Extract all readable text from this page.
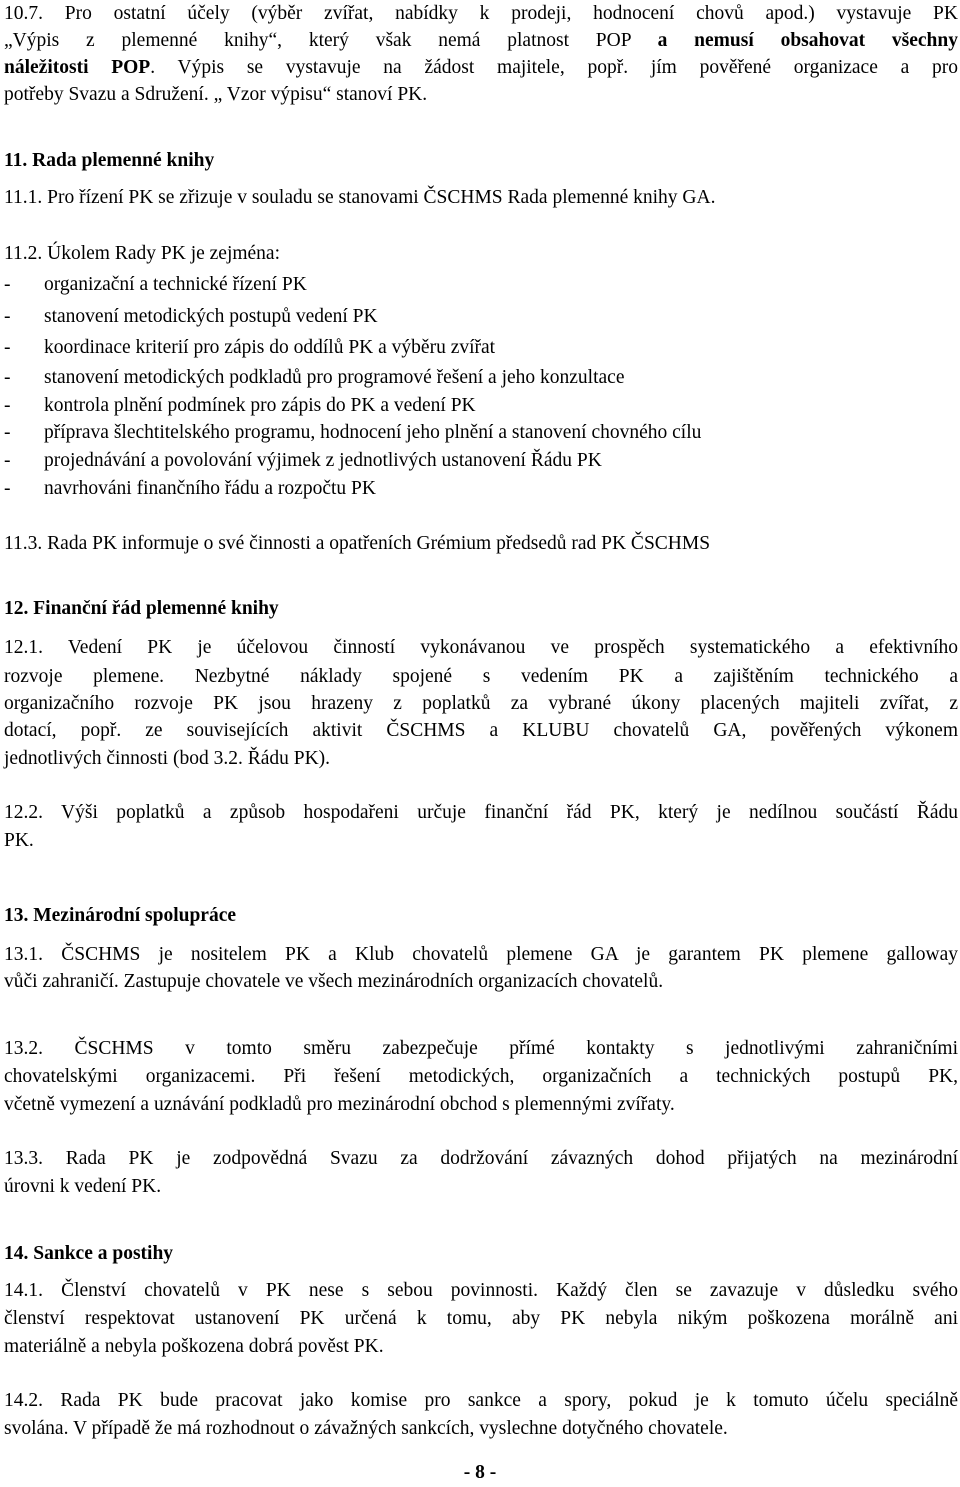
10.7. Pro ostatní účely (výběr zvířat, nabídky k prodeji, hodnocení chovů apod.) vystavuje PK
„Výpis z plemenné knihy“, který však nemá platnost POP a nemusí obsahovat všechny
náležitosti POP. Výpis se vystavuje na žádost majitele, popř. jím pověřené organizace a pro
potřeby Svazu a Sdružení. „ Vzor výpisu“ stanoví PK.
11. Rada plemenné knihy
11.1. Pro řízení PK se zřizuje v souladu se stanovami ČSCHMS Rada plemenné knihy GA.
11.2. Úkolem Rady PK je zejména:
- organizační a technické řízení PK
- stanovení metodických postupů vedení PK
- koordinace kriterií pro zápis do oddílů PK a výběru zvířat
- stanovení metodických podkladů pro programové řešení a jeho konzultace
- kontrola plnění podmínek pro zápis do PK a vedení PK
- příprava šlechtitelského programu, hodnocení jeho plnění a stanovení chovného cílu
- projednávání a povolování výjimek z jednotlivých ustanovení Řádu PK
- navrhováni finančního řádu a rozpočtu PK
11.3. Rada PK informuje o své činnosti a opatřeních Grémium předsedů rad PK ČSCHMS
12. Finanční řád plemenné knihy
12.1. Vedení PK je účelovou činností vykonávanou ve prospěch systematického a efektivního
rozvoje plemene. Nezbytné náklady spojené s vedením PK a zajištěním technického a
organizačního rozvoje PK jsou hrazeny z poplatků za vybrané úkony placených majiteli zvířat, z
dotací, popř. ze souvisejících aktivit ČSCHMS a KLUBU chovatelů GA, pověřených výkonem
jednotlivých činnosti (bod 3.2. Řádu PK).
12.2. Výši poplatků a způsob hospodařeni určuje finanční řád PK, který je nedílnou součástí Řádu
PK.
13. Mezinárodní spolupráce
13.1. ČSCHMS je nositelem PK a Klub chovatelů plemene GA je garantem PK plemene galloway
vůči zahraničí. Zastupuje chovatele ve všech mezinárodních organizacích chovatelů.
13.2. ČSCHMS v tomto směru zabezpečuje přímé kontakty s jednotlivými zahraničními
chovatelskými organizacemi. Při řešení metodických, organizačních a technických postupů PK,
včetně vymezení a uznávání podkladů pro mezinárodní obchod s plemennými zvířaty.
13.3. Rada PK je zodpovědná Svazu za dodržování závazných dohod přijatých na mezinárodní
úrovni k vedení PK.
14. Sankce a postihy
14.1. Členství chovatelů v PK nese s sebou povinnosti. Každý člen se zavazuje v důsledku svého
členství respektovat ustanovení PK určená k tomu, aby PK nebyla nikým poškozena morálně ani
materiálně a nebyla poškozena dobrá pověst PK.
14.2. Rada PK bude pracovat jako komise pro sankce a spory, pokud je k tomuto účelu speciálně
svolána. V případě že má rozhodnout o závažných sankcích, vyslechne dotyčného chovatele.
- 8 -
